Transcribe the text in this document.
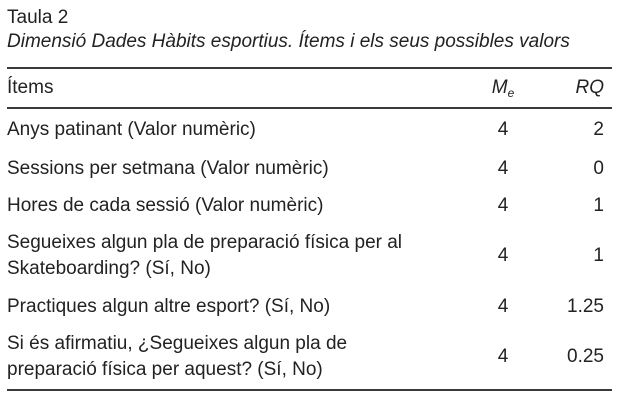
Taula 2

Dimensió Dades Hàbits esportius. Ítems i els seus possibles valors

Ítems	$M_e$	RQ
Anys patinant (Valor numèric)	4	2
Sessions per setmana (Valor numèric)	4	0
Hores de cada sessió (Valor numèric)	4	1

Segueixes algun pla de preparació física per al
Skateboarding? (Sí, No)	4	1
Practiques algun altre esport? (Sí, No)	4	1.25

Si és afirmatiu, ¿Segueixes algun pla de
preparació física per aquest? (Sí, No)	4	0.25
